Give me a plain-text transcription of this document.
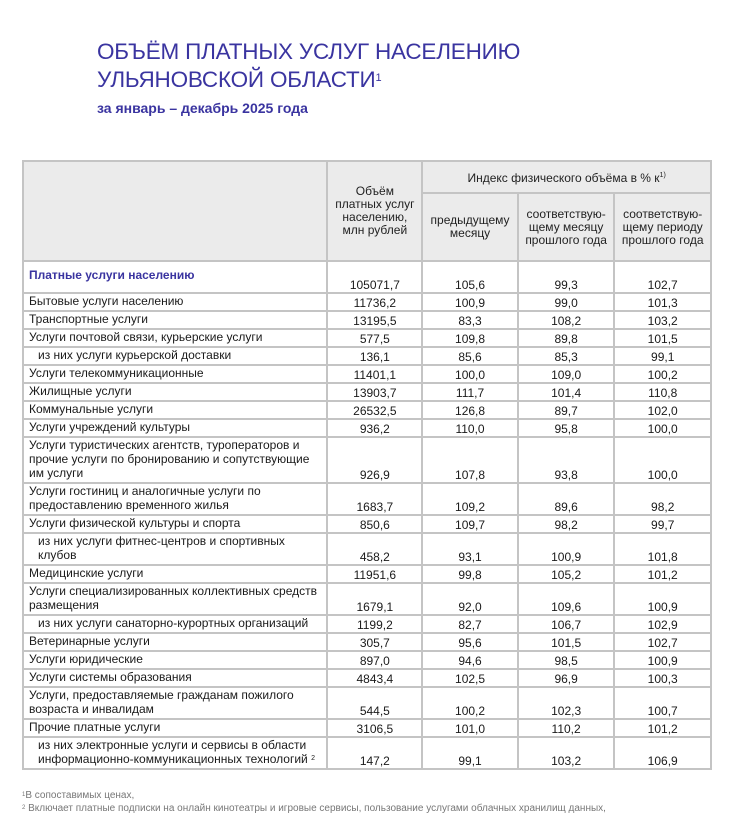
ОБЪЁМ ПЛАТНЫХ УСЛУГ НАСЕЛЕНИЮ
УЛЬЯНОВСКОЙ ОБЛАСТИ$^1$
за январь – декабрь 2025 года
	Объём платных услуг населению, млн рублей	Индекс физического объёма в % $к^{1)}$
		предыдущему месяцу	соответствую-щему месяцу прошлого года	соответствую-щему периоду прошлого года
Платные услуги населению	105071,7	105,6	99,3	102,7
Бытовые услуги населению	11736,2	100,9	99,0	101,3
Транспортные услуги	13195,5	83,3	108,2	103,2
Услуги почтовой связи, курьерские услуги	577,5	109,8	89,8	101,5
из них услуги курьерской доставки	136,1	85,6	85,3	99,1
Услуги телекоммуникационные	11401,1	100,0	109,0	100,2
Жилищные услуги	13903,7	111,7	101,4	110,8
Коммунальные услуги	26532,5	126,8	89,7	102,0
Услуги учреждений культуры	936,2	110,0	95,8	100,0
Услуги туристических агентств, туроператоров и прочие услуги по бронированию и сопутствующие им услуги	926,9	107,8	93,8	100,0
Услуги гостиниц и аналогичные услуги по предоставлению временного жилья	1683,7	109,2	89,6	98,2
Услуги физической культуры и спорта	850,6	109,7	98,2	99,7
из них услуги фитнес-центров и спортивных клубов	458,2	93,1	100,9	101,8
Медицинские услуги	11951,6	99,8	105,2	101,2
Услуги специализированных коллективных средств размещения	1679,1	92,0	109,6	100,9
из них услуги санаторно-курортных организаций	1199,2	82,7	106,7	102,9
Ветеринарные услуги	305,7	95,6	101,5	102,7
Услуги юридические	897,0	94,6	98,5	100,9
Услуги системы образования	4843,4	102,5	96,9	100,3
Услуги, предоставляемые гражданам пожилого возраста и инвалидам	544,5	100,2	102,3	100,7
Прочие платные услуги	3106,5	101,0	110,2	101,2
из них электронные услуги и сервисы в области информационно-коммуникационных технологий $^2$	147,2	99,1	103,2	106,9
$^1$В сопоставимых ценах,
$^2$ Включает платные подписки на онлайн кинотеатры и игровые сервисы, пользование услугами облачных хранилищ данных,
